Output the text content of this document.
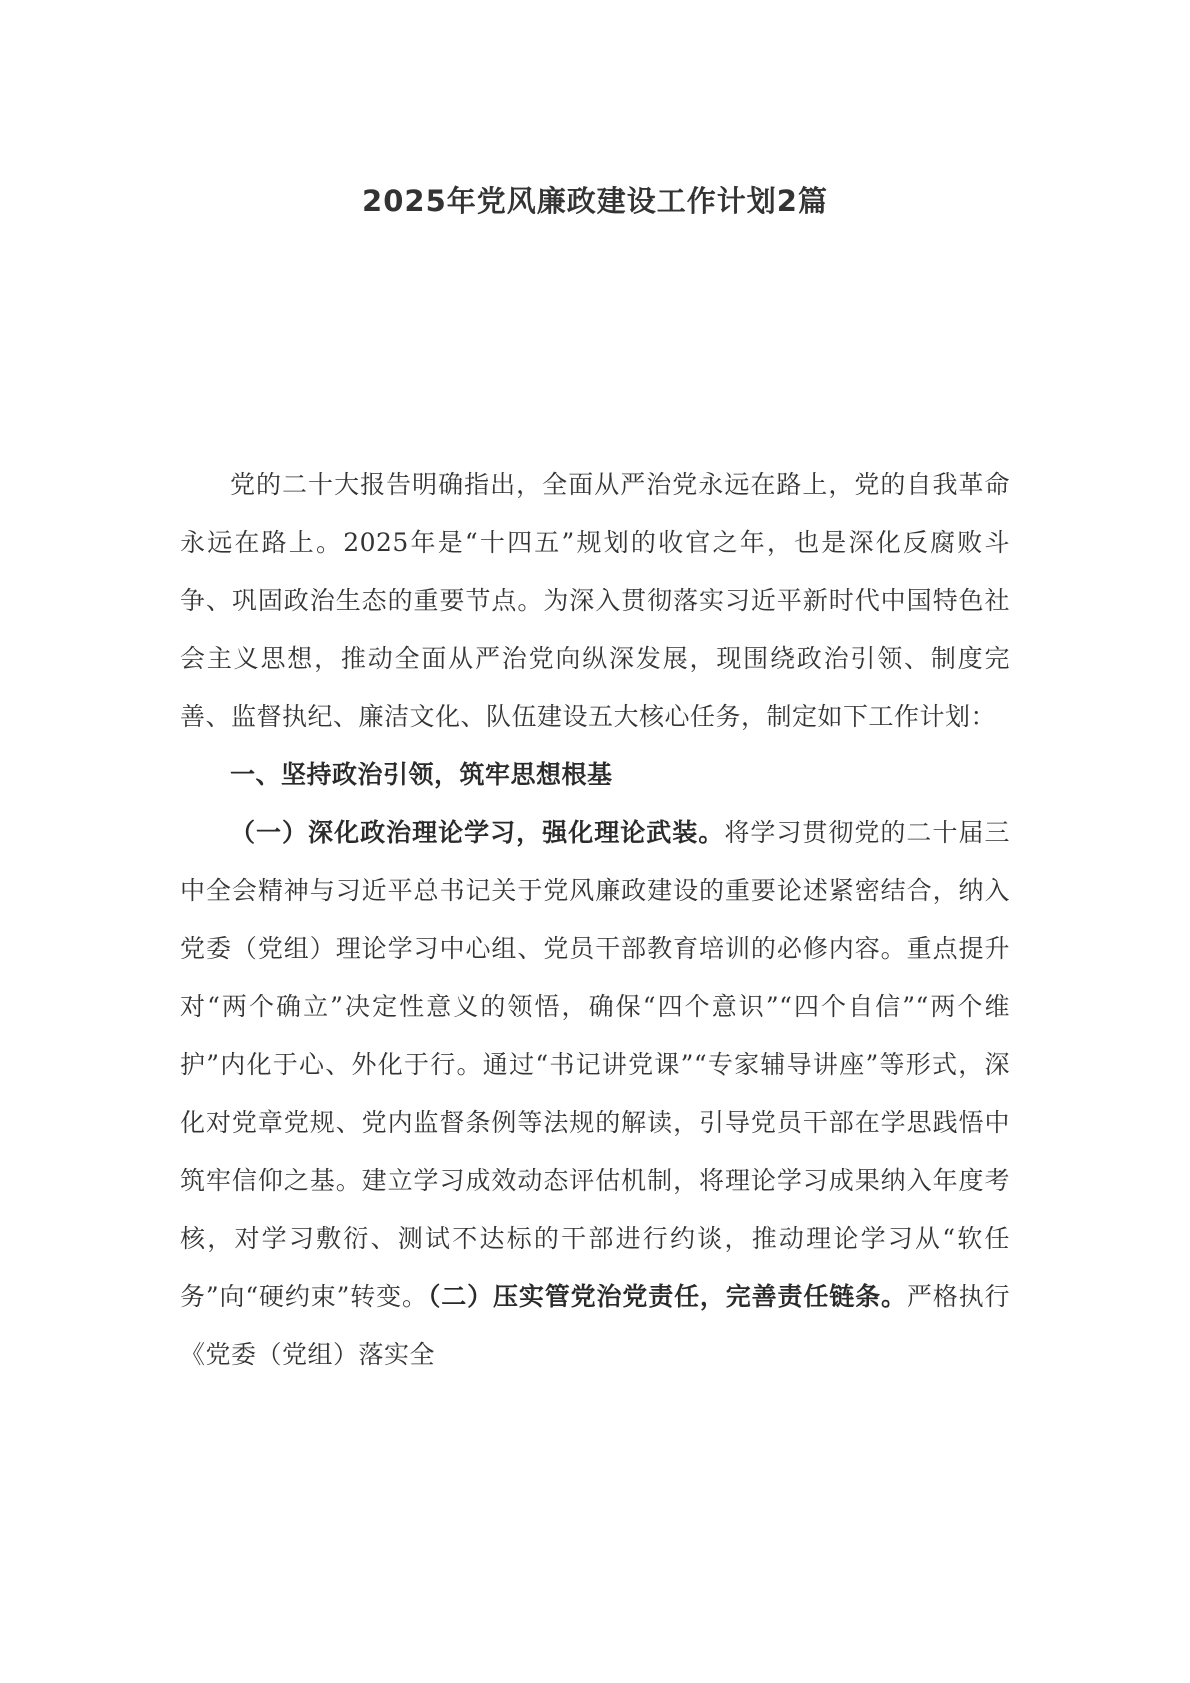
2025年党风廉政建设工作计划2篇

党的二十大报告明确指出，全面从严治党永远在路上，党的自我革命永远在路上。2025年是“十四五”规划的收官之年，也是深化反腐败斗争、巩固政治生态的重要节点。为深入贯彻落实习近平新时代中国特色社会主义思想，推动全面从严治党向纵深发展，现围绕政治引领、制度完善、监督执纪、廉洁文化、队伍建设五大核心任务，制定如下工作计划：

一、坚持政治引领，筑牢思想根基

（一）深化政治理论学习，强化理论武装。将学习贯彻党的二十届三中全会精神与习近平总书记关于党风廉政建设的重要论述紧密结合，纳入党委（党组）理论学习中心组、党员干部教育培训的必修内容。重点提升对“两个确立”决定性意义的领悟，确保“四个意识”“四个自信”“两个维护”内化于心、外化于行。通过“书记讲党课”“专家辅导讲座”等形式，深化对党章党规、党内监督条例等法规的解读，引导党员干部在学思践悟中筑牢信仰之基。建立学习成效动态评估机制，将理论学习成果纳入年度考核，对学习敷衍、测试不达标的干部进行约谈，推动理论学习从“软任务”向“硬约束”转变。（二）压实管党治党责任，完善责任链条。严格执行《党委（党组）落实全
